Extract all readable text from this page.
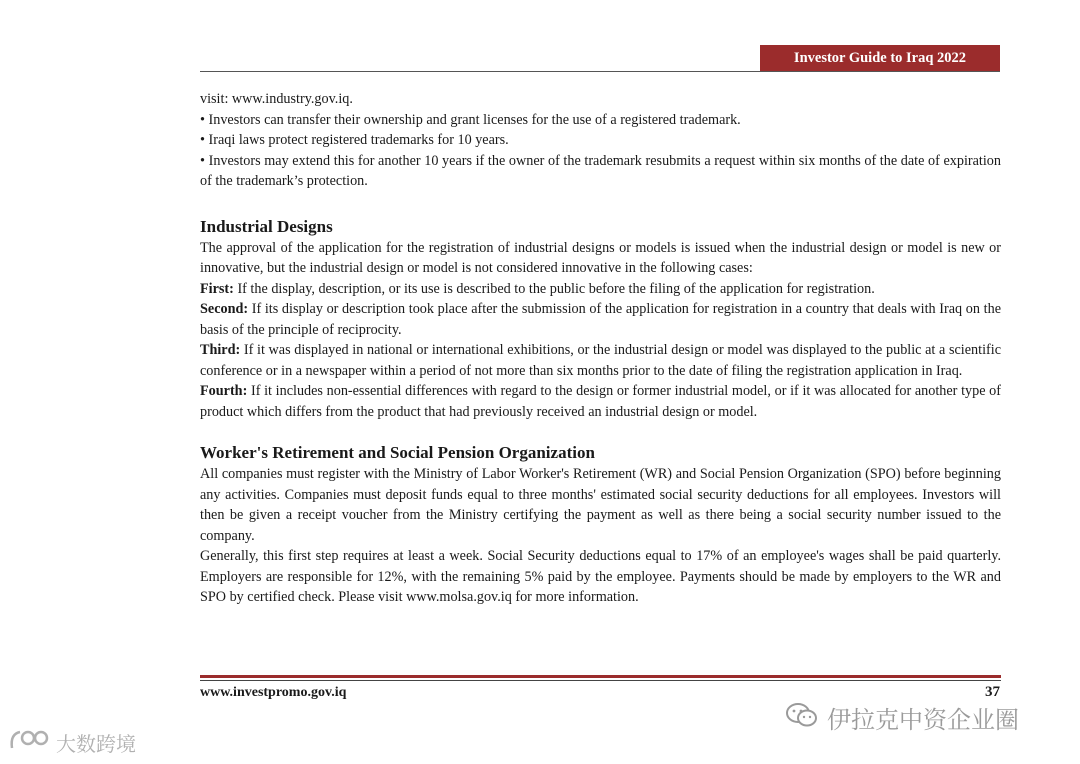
Investor Guide to Iraq 2022

visit: www.industry.gov.iq.

• Investors can transfer their ownership and grant licenses for the use of a registered trademark.

• Iraqi laws protect registered trademarks for 10 years.

• Investors may extend this for another 10 years if the owner of the trademark resubmits a request within six months of the date of expiration of the trademark’s protection.

Industrial Designs

The approval of the application for the registration of industrial designs or models is issued when the industrial design or model is new or innovative, but the industrial design or model is not considered innovative in the following cases:

First: If the display, description, or its use is described to the public before the filing of the application for registration.

Second: If its display or description took place after the submission of the application for registration in a country that deals with Iraq on the basis of the principle of reciprocity.

Third: If it was displayed in national or international exhibitions, or the industrial design or model was displayed to the public at a scientific conference or in a newspaper within a period of not more than six months prior to the date of filing the registration application in Iraq.

Fourth: If it includes non-essential differences with regard to the design or former industrial model, or if it was allocated for another type of product which differs from the product that had previously received an industrial design or model.

Worker's Retirement and Social Pension Organization

All companies must register with the Ministry of Labor Worker's Retirement (WR) and Social Pension Organization (SPO) before beginning any activities. Companies must deposit funds equal to three months' estimated social security deductions for all employees. Investors will then be given a receipt voucher from the Ministry certifying the payment as well as there being a social security number issued to the company.

Generally, this first step requires at least a week. Social Security deductions equal to 17% of an employee's wages shall be paid quarterly. Employers are responsible for 12%, with the remaining 5% paid by the employee. Payments should be made by employers to the WR and SPO by certified check. Please visit www.molsa.gov.iq for more information.

www.investpromo.gov.iq	37
伊拉克中资企业圈
大数跨境
